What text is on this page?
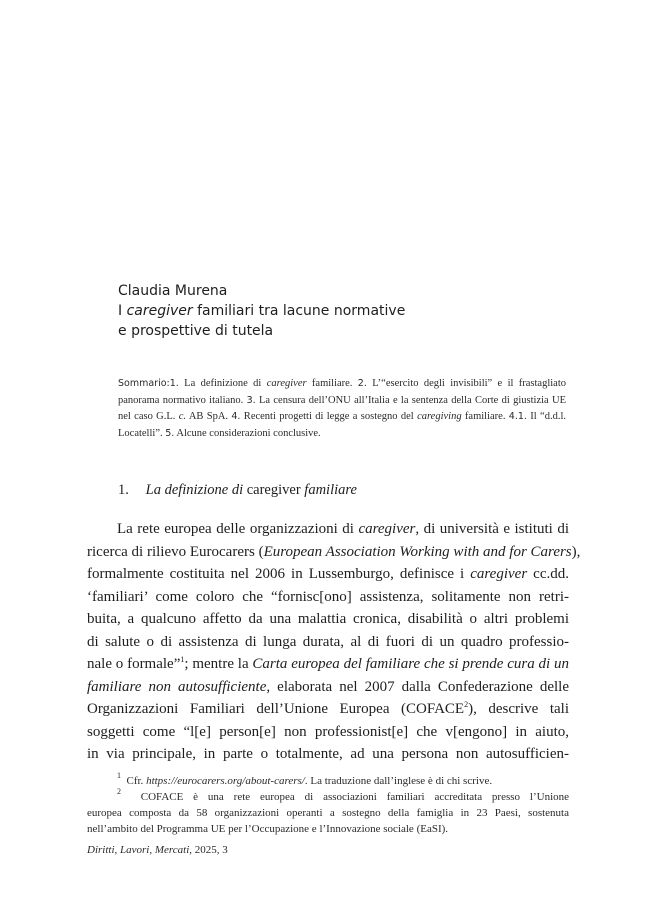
Claudia Murena
I caregiver familiari tra lacune normative
e prospettive di tutela
Sommario:1. La definizione di caregiver familiare. 2. L’“esercito degli invisibili” e il frastagliato panorama normativo italiano. 3. La censura dell’ONU all’Italia e la sentenza della Corte di giustizia UE nel caso G.L. c. AB SpA. 4. Recenti progetti di legge a sostegno del caregiving familiare. 4.1. Il “d.d.l. Locatelli”. 5. Alcune considerazioni conclusive.
1. La definizione di caregiver familiare
La rete europea delle organizzazioni di caregiver, di università e istituti di
ricerca di rilievo Eurocarers (European Association Working with and for Carers),
formalmente costituita nel 2006 in Lussemburgo, definisce i caregiver cc.dd.
‘familiari’ come coloro che “fornisc[ono] assistenza, solitamente non retri-
buita, a qualcuno affetto da una malattia cronica, disabilità o altri problemi
di salute o di assistenza di lunga durata, al di fuori di un quadro professio-
nale o formale”$^1$; mentre la Carta europea del familiare che si prende cura di un
familiare non autosufficiente, elaborata nel 2007 dalla Confederazione delle
Organizzazioni Familiari dell’Unione Europea (COFACE$^2$), descrive tali
soggetti come “l[e] person[e] non professionist[e] che v[engono] in aiuto,
in via principale, in parte o totalmente, ad una persona non autosufficien-
$^1$ Cfr. https://eurocarers.org/about-carers/. La traduzione dall’inglese è di chi scrive.
$^2$ COFACE è una rete europea di associazioni familiari accreditata presso l’Unione
europea composta da 58 organizzazioni operanti a sostegno della famiglia in 23 Paesi, sostenuta
nell’ambito del Programma UE per l’Occupazione e l’Innovazione sociale (EaSI).
Diritti, Lavori, Mercati, 2025, 3
